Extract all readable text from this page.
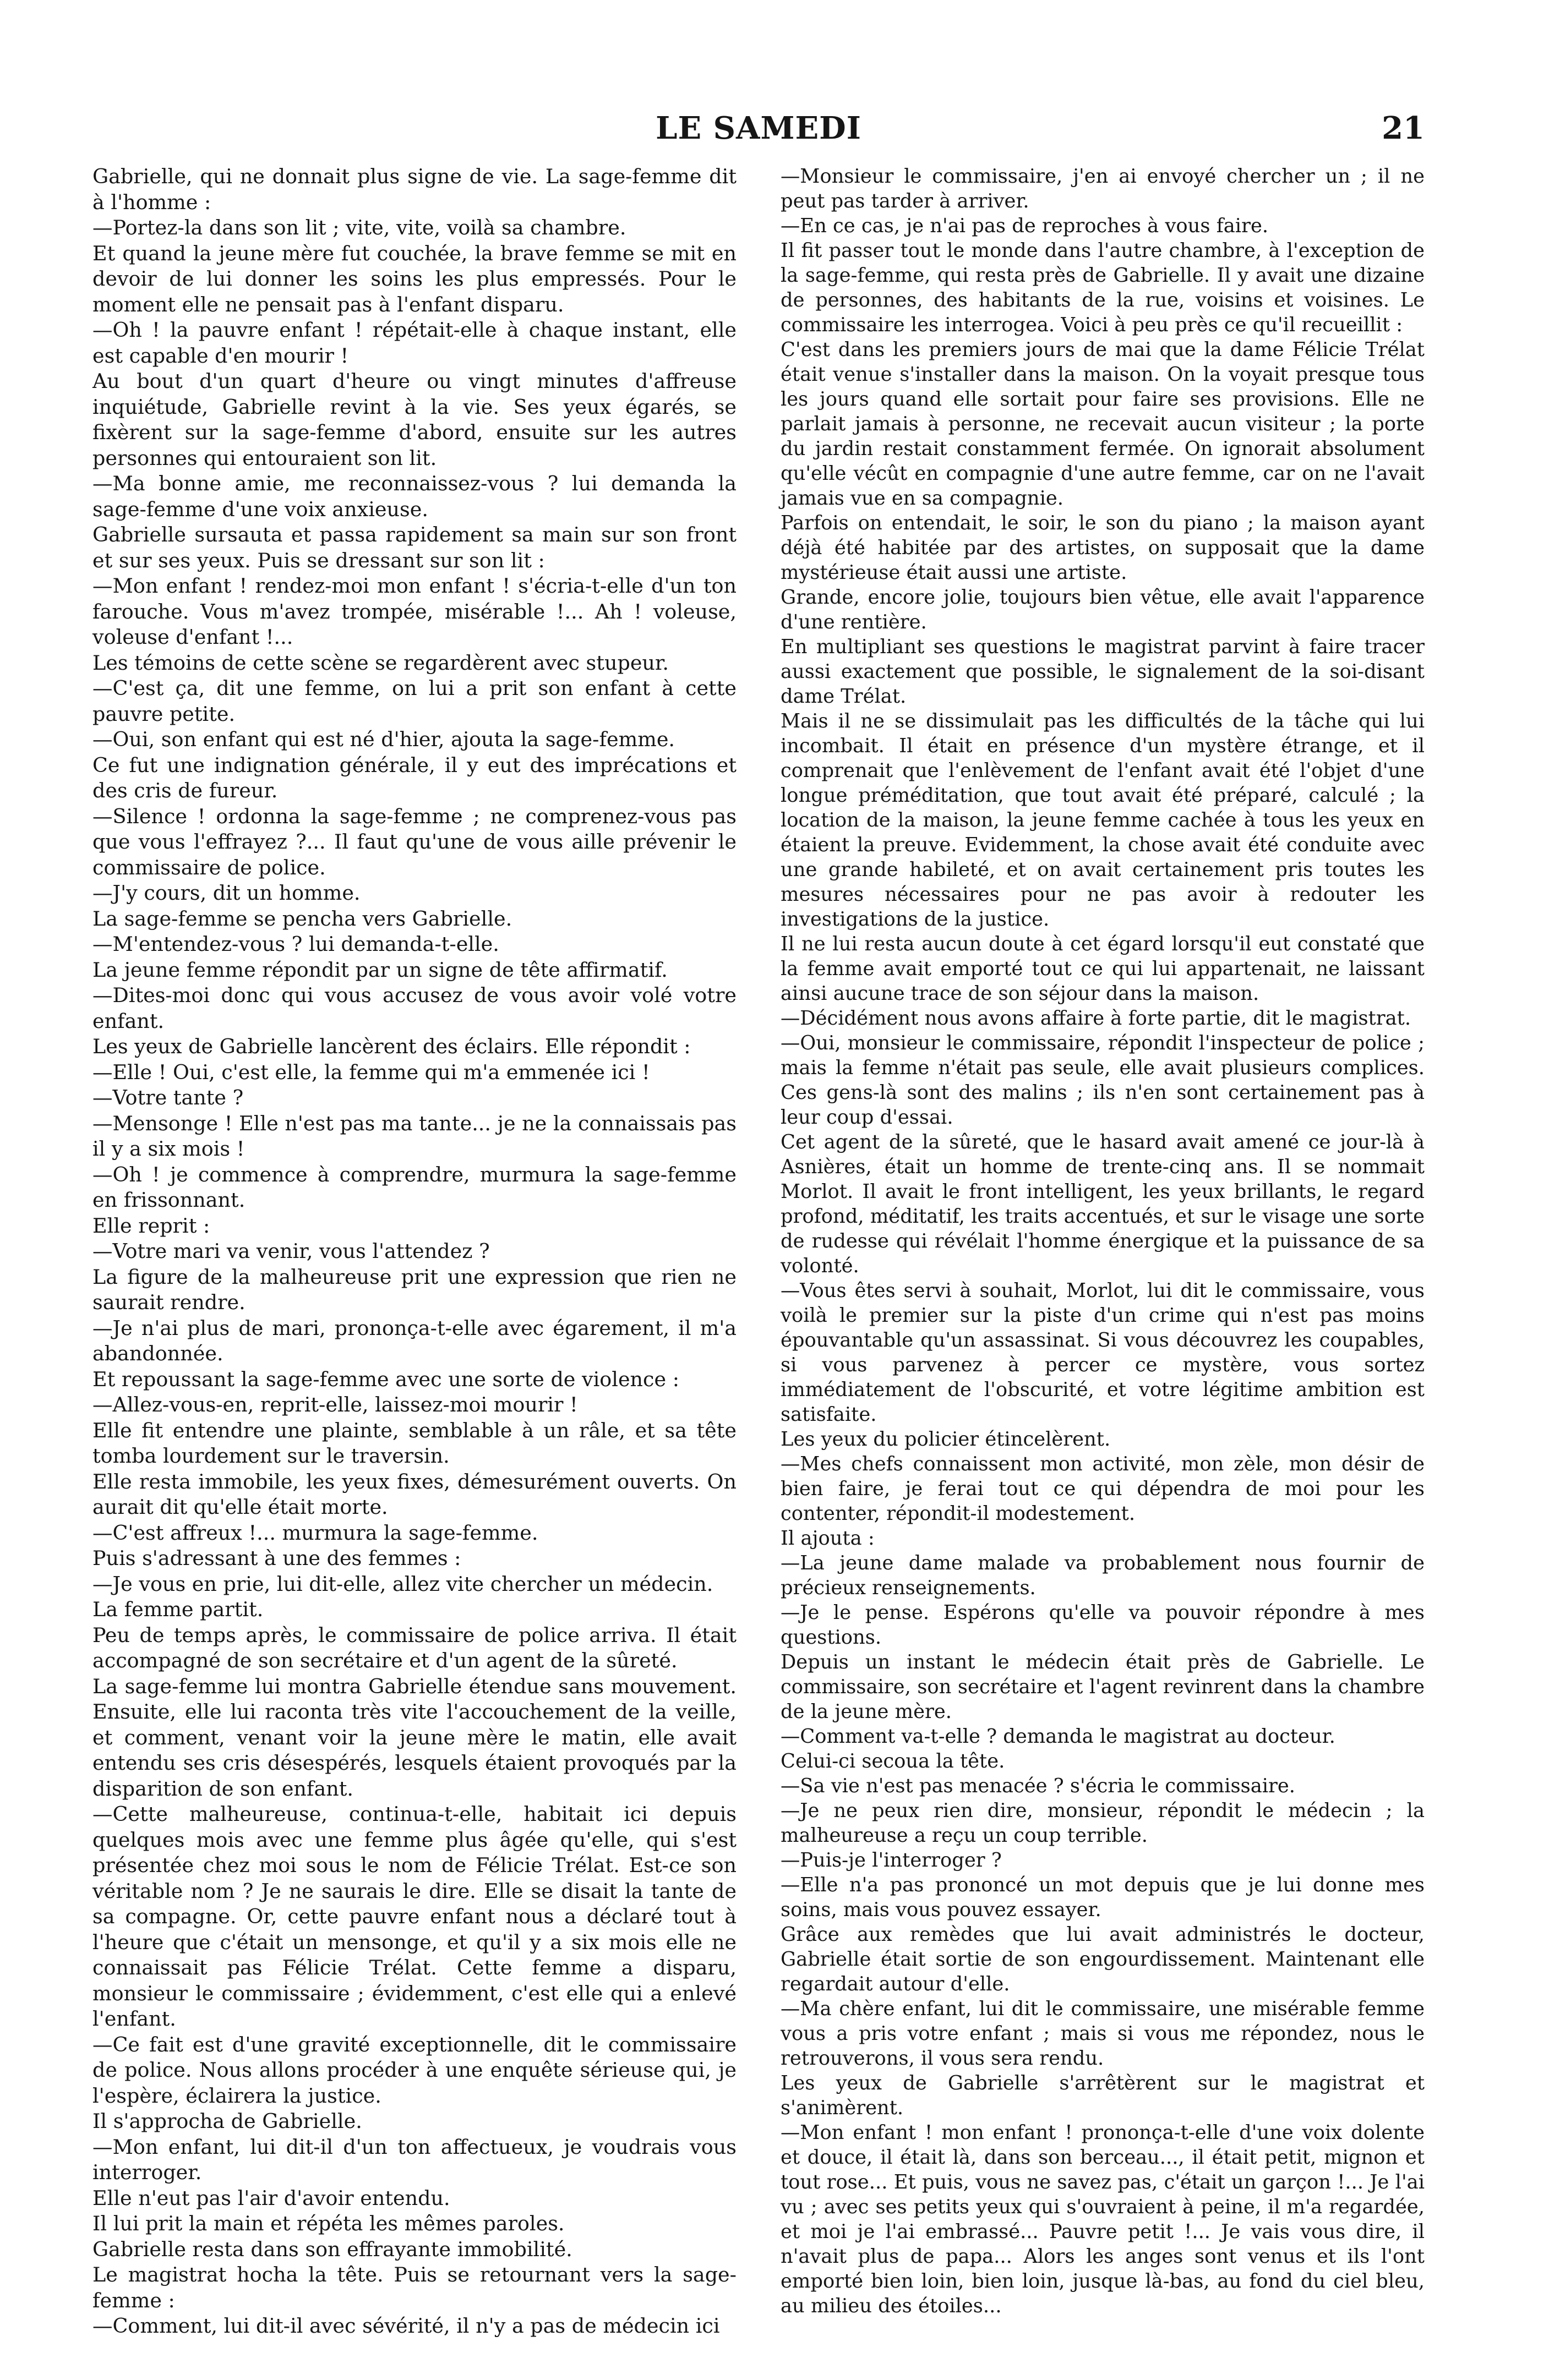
LE SAMEDI	21

Gabrielle, qui ne donnait plus signe de vie. La sage-femme dit à l'homme :

—Portez-la dans son lit ; vite, vite, voilà sa chambre.

Et quand la jeune mère fut couchée, la brave femme se mit en devoir de lui donner les soins les plus empressés. Pour le moment elle ne pensait pas à l'enfant disparu.

—Oh ! la pauvre enfant ! répétait-elle à chaque instant, elle est capable d'en mourir !

Au bout d'un quart d'heure ou vingt minutes d'affreuse inquiétude, Gabrielle revint à la vie. Ses yeux égarés, se fixèrent sur la sage-femme d'abord, ensuite sur les autres personnes qui entouraient son lit.

—Ma bonne amie, me reconnaissez-vous ? lui demanda la sage-femme d'une voix anxieuse.

Gabrielle sursauta et passa rapidement sa main sur son front et sur ses yeux. Puis se dressant sur son lit :

—Mon enfant ! rendez-moi mon enfant ! s'écria-t-elle d'un ton farouche. Vous m'avez trompée, misérable !... Ah ! voleuse, voleuse d'enfant !...

Les témoins de cette scène se regardèrent avec stupeur.

—C'est ça, dit une femme, on lui a prit son enfant à cette pauvre petite.

—Oui, son enfant qui est né d'hier, ajouta la sage-femme.

Ce fut une indignation générale, il y eut des imprécations et des cris de fureur.

—Silence ! ordonna la sage-femme ; ne comprenez-vous pas que vous l'effrayez ?... Il faut qu'une de vous aille prévenir le commissaire de police.

—J'y cours, dit un homme.

La sage-femme se pencha vers Gabrielle.

—M'entendez-vous ? lui demanda-t-elle.

La jeune femme répondit par un signe de tête affirmatif.

—Dites-moi donc qui vous accusez de vous avoir volé votre enfant.

Les yeux de Gabrielle lancèrent des éclairs. Elle répondit :

—Elle ! Oui, c'est elle, la femme qui m'a emmenée ici !

—Votre tante ?

—Mensonge ! Elle n'est pas ma tante... je ne la connaissais pas il y a six mois !

—Oh ! je commence à comprendre, murmura la sage-femme en frissonnant.

Elle reprit :

—Votre mari va venir, vous l'attendez ?

La figure de la malheureuse prit une expression que rien ne saurait rendre.

—Je n'ai plus de mari, prononça-t-elle avec égarement, il m'a abandonnée.

Et repoussant la sage-femme avec une sorte de violence :

—Allez-vous-en, reprit-elle, laissez-moi mourir !

Elle fit entendre une plainte, semblable à un râle, et sa tête tomba lourdement sur le traversin.

Elle resta immobile, les yeux fixes, démesurément ouverts. On aurait dit qu'elle était morte.

—C'est affreux !... murmura la sage-femme.

Puis s'adressant à une des femmes :

—Je vous en prie, lui dit-elle, allez vite chercher un médecin.

La femme partit.

Peu de temps après, le commissaire de police arriva. Il était accompagné de son secrétaire et d'un agent de la sûreté.

La sage-femme lui montra Gabrielle étendue sans mouvement. Ensuite, elle lui raconta très vite l'accouchement de la veille, et comment, venant voir la jeune mère le matin, elle avait entendu ses cris désespérés, lesquels étaient provoqués par la disparition de son enfant.

—Cette malheureuse, continua-t-elle, habitait ici depuis quelques mois avec une femme plus âgée qu'elle, qui s'est présentée chez moi sous le nom de Félicie Trélat. Est-ce son véritable nom ? Je ne saurais le dire. Elle se disait la tante de sa compagne. Or, cette pauvre enfant nous a déclaré tout à l'heure que c'était un mensonge, et qu'il y a six mois elle ne connaissait pas Félicie Trélat. Cette femme a disparu, monsieur le commissaire ; évidemment, c'est elle qui a enlevé l'enfant.

—Ce fait est d'une gravité exceptionnelle, dit le commissaire de police. Nous allons procéder à une enquête sérieuse qui, je l'espère, éclairera la justice.

Il s'approcha de Gabrielle.

—Mon enfant, lui dit-il d'un ton affectueux, je voudrais vous interroger.

Elle n'eut pas l'air d'avoir entendu.

Il lui prit la main et répéta les mêmes paroles.

Gabrielle resta dans son effrayante immobilité.

Le magistrat hocha la tête. Puis se retournant vers la sage-femme :

—Comment, lui dit-il avec sévérité, il n'y a pas de médecin ici

—Monsieur le commissaire, j'en ai envoyé chercher un ; il ne peut pas tarder à arriver.

—En ce cas, je n'ai pas de reproches à vous faire.

Il fit passer tout le monde dans l'autre chambre, à l'exception de la sage-femme, qui resta près de Gabrielle. Il y avait une dizaine de personnes, des habitants de la rue, voisins et voisines. Le commissaire les interrogea. Voici à peu près ce qu'il recueillit :

C'est dans les premiers jours de mai que la dame Félicie Trélat était venue s'installer dans la maison. On la voyait presque tous les jours quand elle sortait pour faire ses provisions. Elle ne parlait jamais à personne, ne recevait aucun visiteur ; la porte du jardin restait constamment fermée. On ignorait absolument qu'elle vécût en compagnie d'une autre femme, car on ne l'avait jamais vue en sa compagnie.

Parfois on entendait, le soir, le son du piano ; la maison ayant déjà été habitée par des artistes, on supposait que la dame mystérieuse était aussi une artiste.

Grande, encore jolie, toujours bien vêtue, elle avait l'apparence d'une rentière.

En multipliant ses questions le magistrat parvint à faire tracer aussi exactement que possible, le signalement de la soi-disant dame Trélat.

Mais il ne se dissimulait pas les difficultés de la tâche qui lui incombait. Il était en présence d'un mystère étrange, et il comprenait que l'enlèvement de l'enfant avait été l'objet d'une longue préméditation, que tout avait été préparé, calculé ; la location de la maison, la jeune femme cachée à tous les yeux en étaient la preuve. Evidemment, la chose avait été conduite avec une grande habileté, et on avait certainement pris toutes les mesures nécessaires pour ne pas avoir à redouter les investigations de la justice.

Il ne lui resta aucun doute à cet égard lorsqu'il eut constaté que la femme avait emporté tout ce qui lui appartenait, ne laissant ainsi aucune trace de son séjour dans la maison.

—Décidément nous avons affaire à forte partie, dit le magistrat.

—Oui, monsieur le commissaire, répondit l'inspecteur de police ; mais la femme n'était pas seule, elle avait plusieurs complices. Ces gens-là sont des malins ; ils n'en sont certainement pas à leur coup d'essai.

Cet agent de la sûreté, que le hasard avait amené ce jour-là à Asnières, était un homme de trente-cinq ans. Il se nommait Morlot. Il avait le front intelligent, les yeux brillants, le regard profond, méditatif, les traits accentués, et sur le visage une sorte de rudesse qui révélait l'homme énergique et la puissance de sa volonté.

—Vous êtes servi à souhait, Morlot, lui dit le commissaire, vous voilà le premier sur la piste d'un crime qui n'est pas moins épouvantable qu'un assassinat. Si vous découvrez les coupables, si vous parvenez à percer ce mystère, vous sortez immédiatement de l'obscurité, et votre légitime ambition est satisfaite.

Les yeux du policier étincelèrent.

—Mes chefs connaissent mon activité, mon zèle, mon désir de bien faire, je ferai tout ce qui dépendra de moi pour les contenter, répondit-il modestement.

Il ajouta :

—La jeune dame malade va probablement nous fournir de précieux renseignements.

—Je le pense. Espérons qu'elle va pouvoir répondre à mes questions.

Depuis un instant le médecin était près de Gabrielle. Le commissaire, son secrétaire et l'agent revinrent dans la chambre de la jeune mère.

—Comment va-t-elle ? demanda le magistrat au docteur.

Celui-ci secoua la tête.

—Sa vie n'est pas menacée ? s'écria le commissaire.

—Je ne peux rien dire, monsieur, répondit le médecin ; la malheureuse a reçu un coup terrible.

—Puis-je l'interroger ?

—Elle n'a pas prononcé un mot depuis que je lui donne mes soins, mais vous pouvez essayer.

Grâce aux remèdes que lui avait administrés le docteur, Gabrielle était sortie de son engourdissement. Maintenant elle regardait autour d'elle.

—Ma chère enfant, lui dit le commissaire, une misérable femme vous a pris votre enfant ; mais si vous me répondez, nous le retrouverons, il vous sera rendu.

Les yeux de Gabrielle s'arrêtèrent sur le magistrat et s'animèrent.

—Mon enfant ! mon enfant ! prononça-t-elle d'une voix dolente et douce, il était là, dans son berceau..., il était petit, mignon et tout rose... Et puis, vous ne savez pas, c'était un garçon !... Je l'ai vu ; avec ses petits yeux qui s'ouvraient à peine, il m'a regardée, et moi je l'ai embrassé... Pauvre petit !... Je vais vous dire, il n'avait plus de papa... Alors les anges sont venus et ils l'ont emporté bien loin, bien loin, jusque là-bas, au fond du ciel bleu, au milieu des étoiles...
